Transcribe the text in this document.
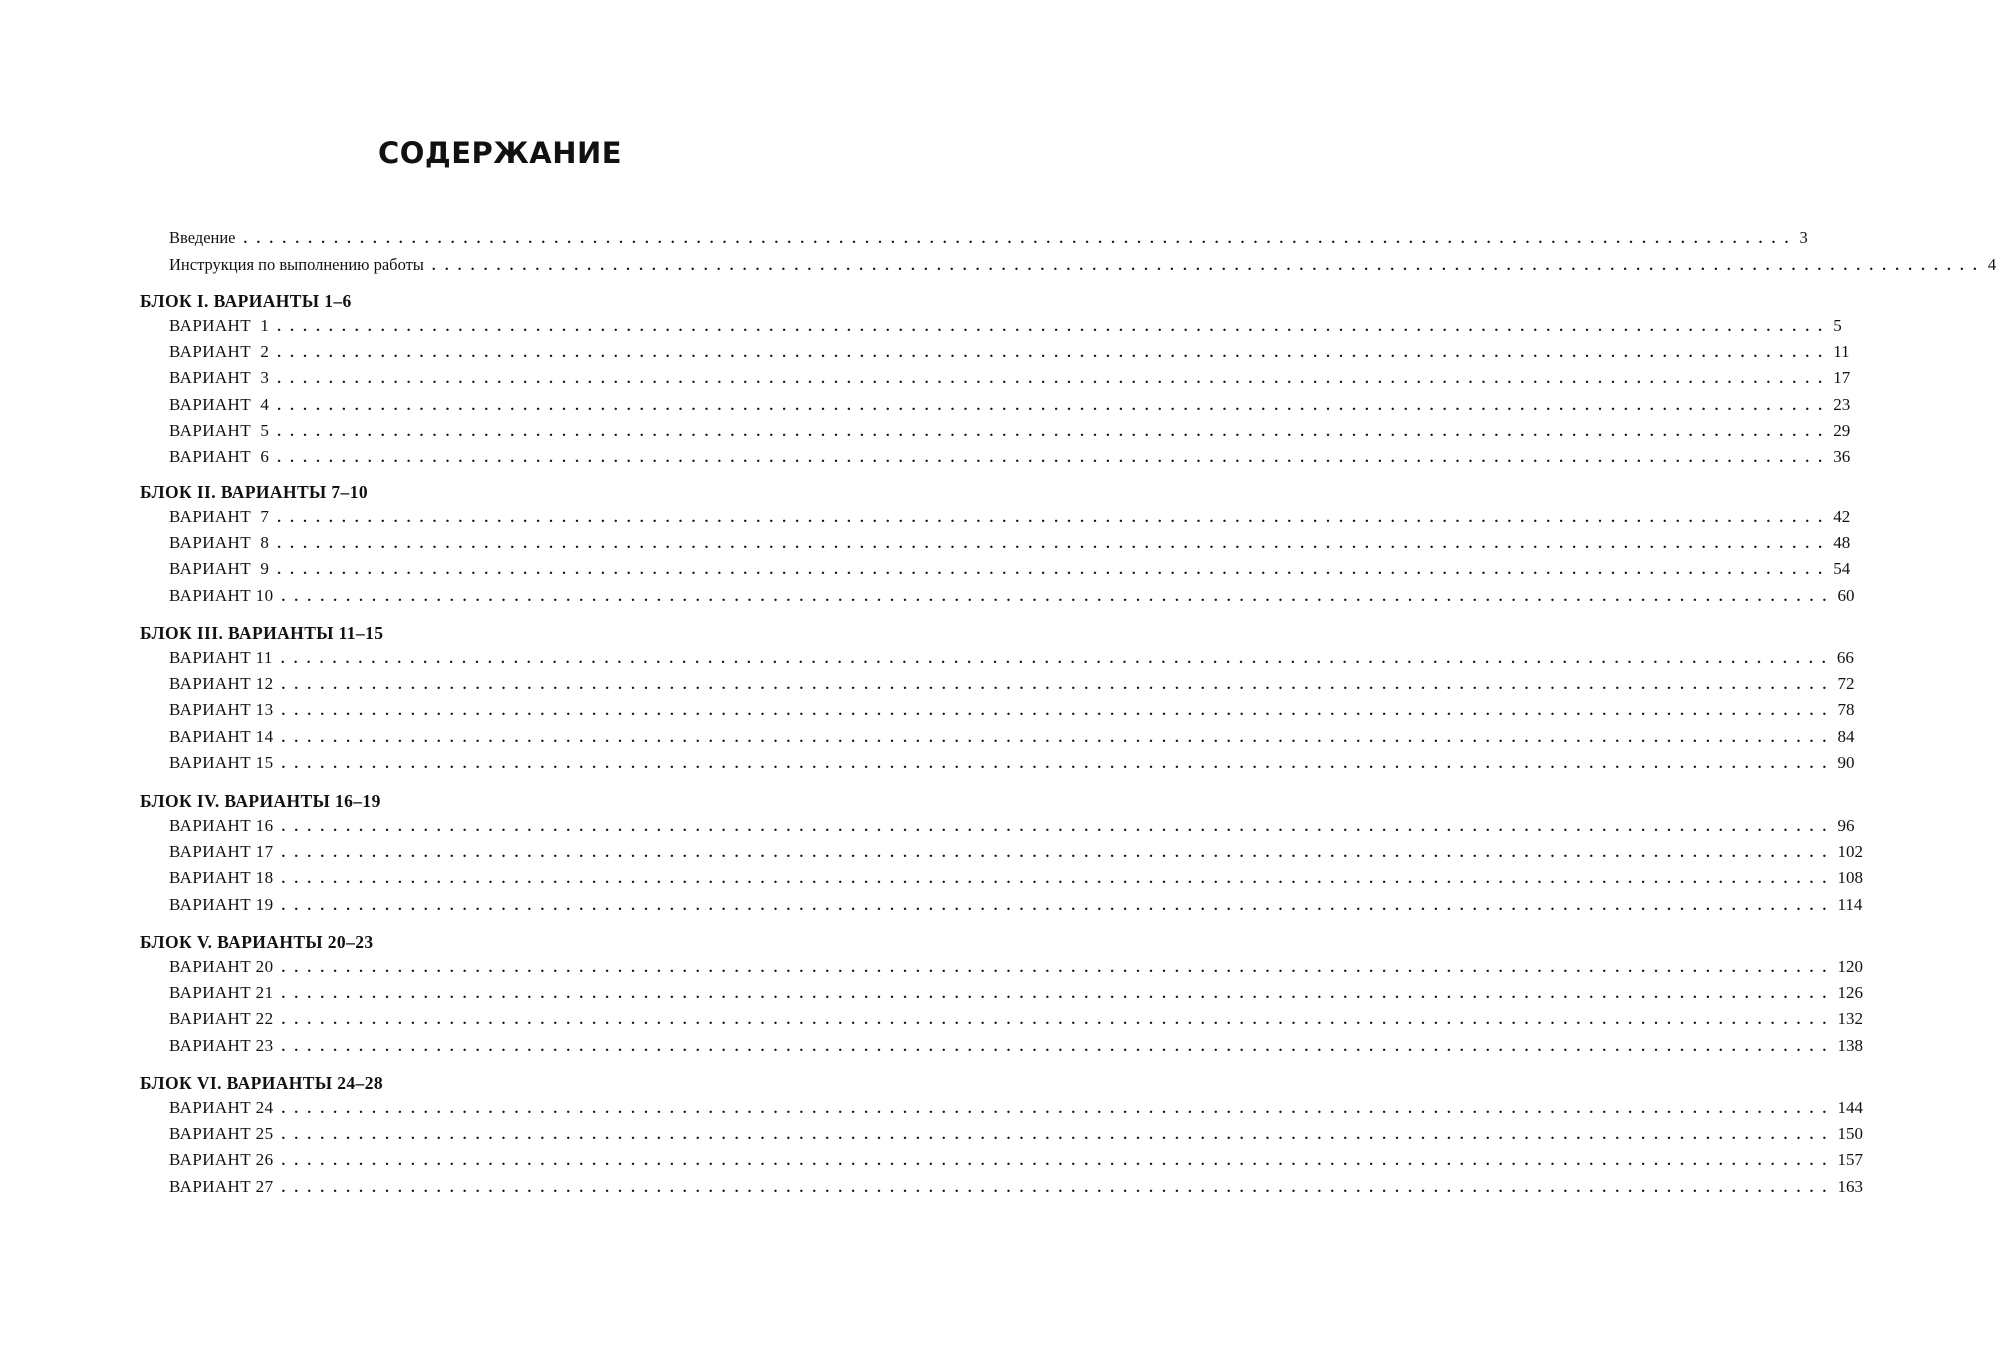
СОДЕРЖАНИЕ
Введение ........................................................................................................................ 3
Инструкция по выполнению работы ........................................................................................................................ 4
БЛОК I. ВАРИАНТЫ 1–6
ВАРИАНТ  1 ........................................................................................................................ 5
ВАРИАНТ  2 ........................................................................................................................ 11
ВАРИАНТ  3 ........................................................................................................................ 17
ВАРИАНТ  4 ........................................................................................................................ 23
ВАРИАНТ  5 ........................................................................................................................ 29
ВАРИАНТ  6 ........................................................................................................................ 36
БЛОК II. ВАРИАНТЫ 7–10
ВАРИАНТ  7 ........................................................................................................................ 42
ВАРИАНТ  8 ........................................................................................................................ 48
ВАРИАНТ  9 ........................................................................................................................ 54
ВАРИАНТ 10 ........................................................................................................................ 60
БЛОК III. ВАРИАНТЫ 11–15
ВАРИАНТ 11 ........................................................................................................................ 66
ВАРИАНТ 12 ........................................................................................................................ 72
ВАРИАНТ 13 ........................................................................................................................ 78
ВАРИАНТ 14 ........................................................................................................................ 84
ВАРИАНТ 15 ........................................................................................................................ 90
БЛОК IV. ВАРИАНТЫ 16–19
ВАРИАНТ 16 ........................................................................................................................ 96
ВАРИАНТ 17 ........................................................................................................................ 102
ВАРИАНТ 18 ........................................................................................................................ 108
ВАРИАНТ 19 ........................................................................................................................ 114
БЛОК V. ВАРИАНТЫ 20–23
ВАРИАНТ 20 ........................................................................................................................ 120
ВАРИАНТ 21 ........................................................................................................................ 126
ВАРИАНТ 22 ........................................................................................................................ 132
ВАРИАНТ 23 ........................................................................................................................ 138
БЛОК VI. ВАРИАНТЫ 24–28
ВАРИАНТ 24 ........................................................................................................................ 144
ВАРИАНТ 25 ........................................................................................................................ 150
ВАРИАНТ 26 ........................................................................................................................ 157
ВАРИАНТ 27 ........................................................................................................................ 163
